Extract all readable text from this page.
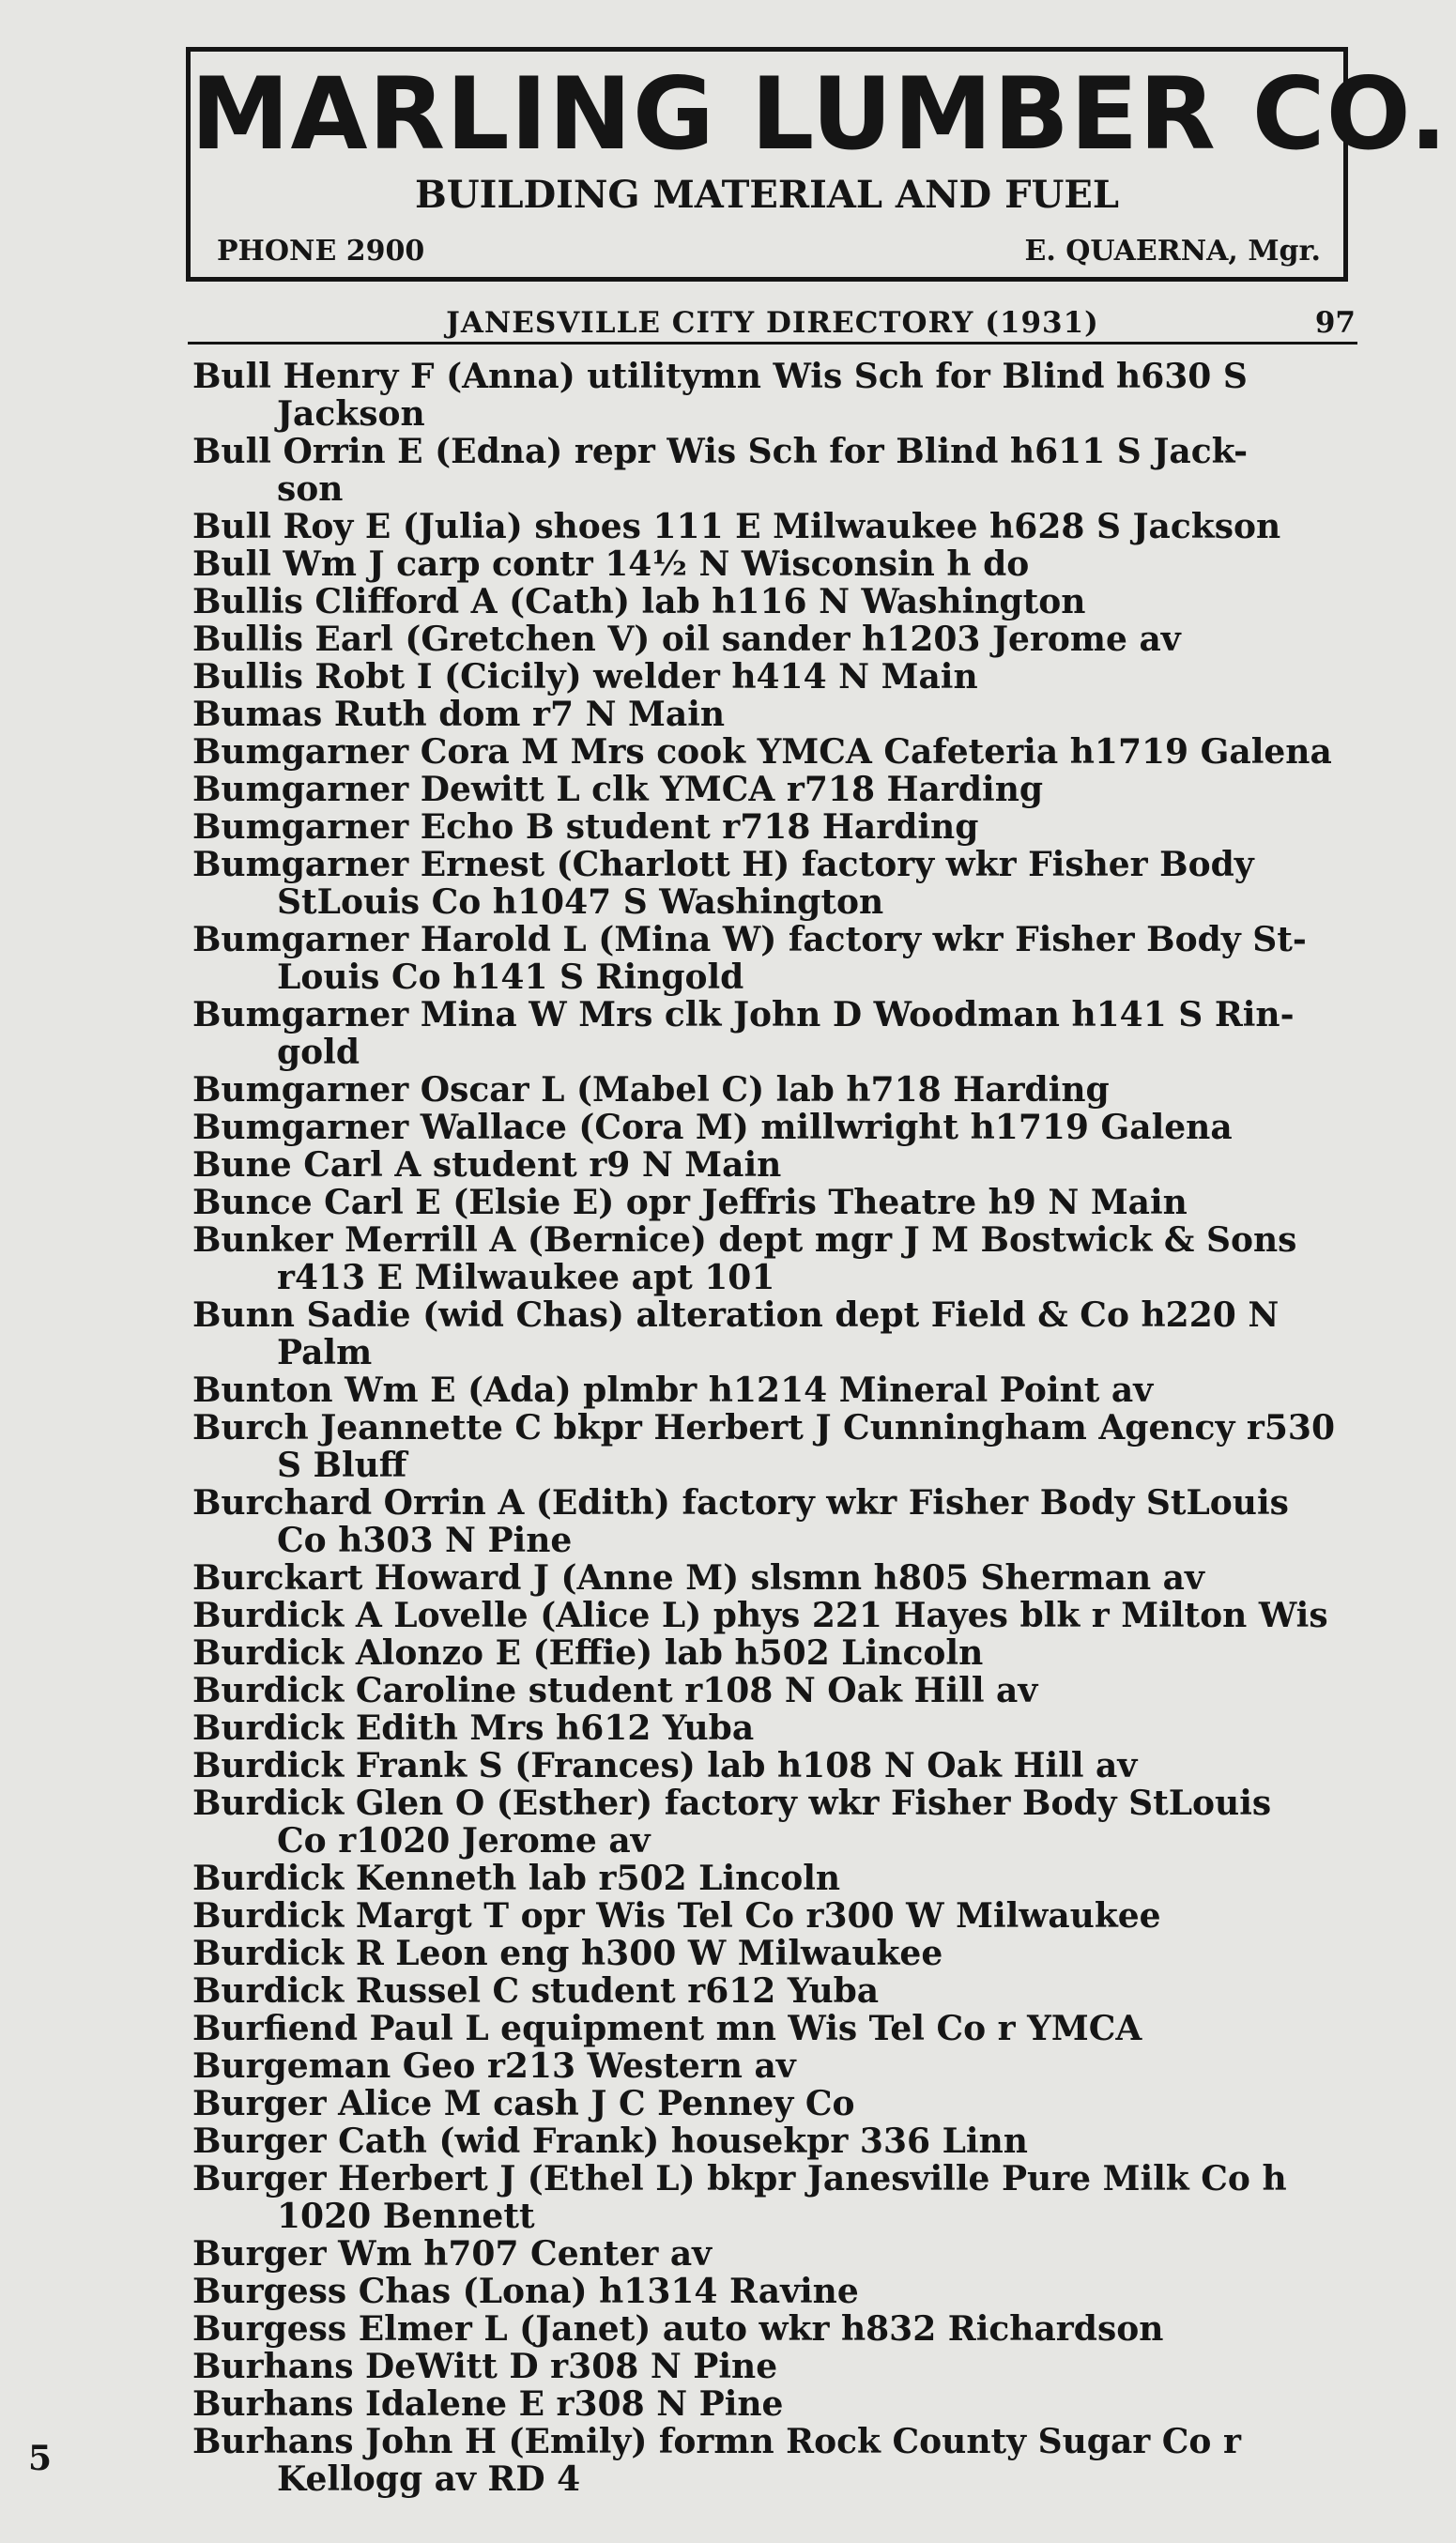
MARLING LUMBER CO.
BUILDING MATERIAL AND FUEL
PHONE 2900	E. QUAERNA, Mgr.
JANESVILLE CITY DIRECTORY (1931)	97
Bull Henry F (Anna) utilitymn Wis Sch for Blind h630 S
Jackson
Bull Orrin E (Edna) repr Wis Sch for Blind h611 S Jack-
son
Bull Roy E (Julia) shoes 111 E Milwaukee h628 S Jackson
Bull Wm J carp contr 14½ N Wisconsin h do
Bullis Clifford A (Cath) lab h116 N Washington
Bullis Earl (Gretchen V) oil sander h1203 Jerome av
Bullis Robt I (Cicily) welder h414 N Main
Bumas Ruth dom r7 N Main
Bumgarner Cora M Mrs cook YMCA Cafeteria h1719 Galena
Bumgarner Dewitt L clk YMCA r718 Harding
Bumgarner Echo B student r718 Harding
Bumgarner Ernest (Charlott H) factory wkr Fisher Body
StLouis Co h1047 S Washington
Bumgarner Harold L (Mina W) factory wkr Fisher Body St-
Louis Co h141 S Ringold
Bumgarner Mina W Mrs clk John D Woodman h141 S Rin-
gold
Bumgarner Oscar L (Mabel C) lab h718 Harding
Bumgarner Wallace (Cora M) millwright h1719 Galena
Bune Carl A student r9 N Main
Bunce Carl E (Elsie E) opr Jeffris Theatre h9 N Main
Bunker Merrill A (Bernice) dept mgr J M Bostwick & Sons
r413 E Milwaukee apt 101
Bunn Sadie (wid Chas) alteration dept Field & Co h220 N
Palm
Bunton Wm E (Ada) plmbr h1214 Mineral Point av
Burch Jeannette C bkpr Herbert J Cunningham Agency r530
S Bluff
Burchard Orrin A (Edith) factory wkr Fisher Body StLouis
Co h303 N Pine
Burckart Howard J (Anne M) slsmn h805 Sherman av
Burdick A Lovelle (Alice L) phys 221 Hayes blk r Milton Wis
Burdick Alonzo E (Effie) lab h502 Lincoln
Burdick Caroline student r108 N Oak Hill av
Burdick Edith Mrs h612 Yuba
Burdick Frank S (Frances) lab h108 N Oak Hill av
Burdick Glen O (Esther) factory wkr Fisher Body StLouis
Co r1020 Jerome av
Burdick Kenneth lab r502 Lincoln
Burdick Margt T opr Wis Tel Co r300 W Milwaukee
Burdick R Leon eng h300 W Milwaukee
Burdick Russel C student r612 Yuba
Burfiend Paul L equipment mn Wis Tel Co r YMCA
Burgeman Geo r213 Western av
Burger Alice M cash J C Penney Co
Burger Cath (wid Frank) housekpr 336 Linn
Burger Herbert J (Ethel L) bkpr Janesville Pure Milk Co h
1020 Bennett
Burger Wm h707 Center av
Burgess Chas (Lona) h1314 Ravine
Burgess Elmer L (Janet) auto wkr h832 Richardson
Burhans DeWitt D r308 N Pine
Burhans Idalene E r308 N Pine
Burhans John H (Emily) formn Rock County Sugar Co r
Kellogg av RD 4
5
